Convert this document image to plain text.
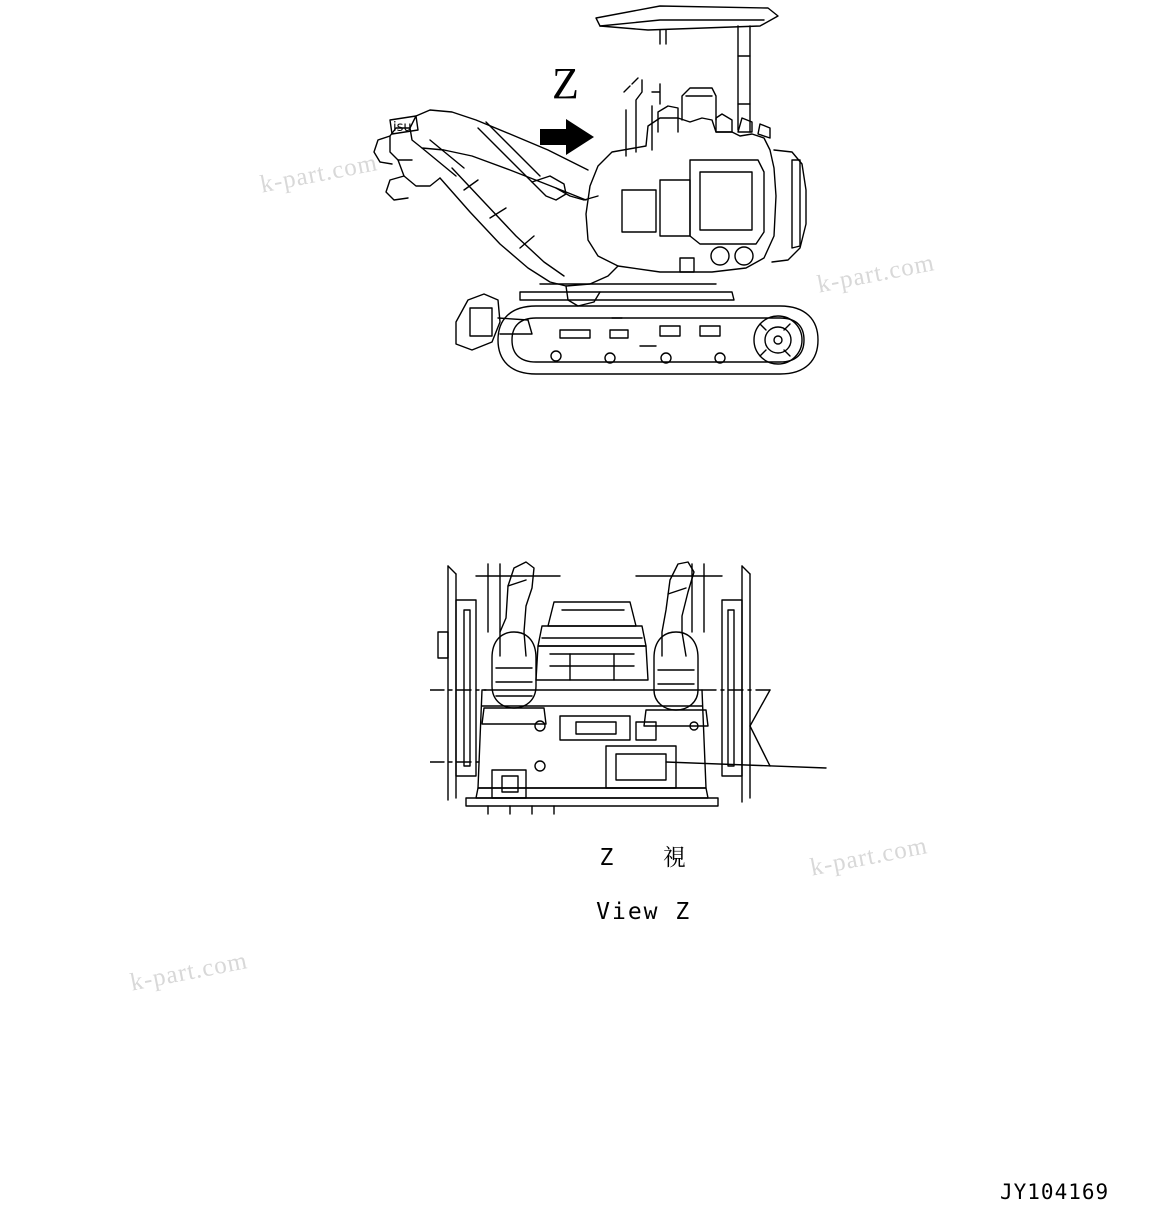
isu
Z

Z   視

View Z

k-part.com
k-part.com
k-part.com
k-part.com
JY104169
